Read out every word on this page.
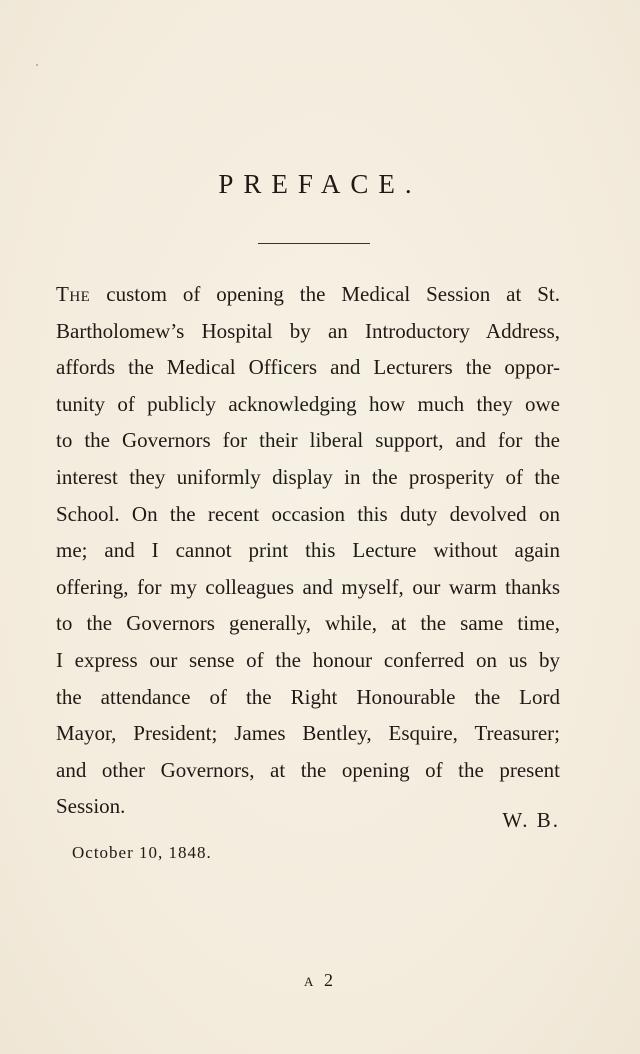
PREFACE.
The custom of opening the Medical Session at St.
Bartholomew’s Hospital by an Introductory Address,
affords the Medical Officers and Lecturers the oppor-
tunity of publicly acknowledging how much they owe
to the Governors for their liberal support, and for the
interest they uniformly display in the prosperity of the
School. On the recent occasion this duty devolved on
me; and I cannot print this Lecture without again
offering, for my colleagues and myself, our warm thanks
to the Governors generally, while, at the same time,
I express our sense of the honour conferred on us by
the attendance of the Right Honourable the Lord
Mayor, President; James Bentley, Esquire, Treasurer;
and other Governors, at the opening of the present
Session.
W. B.
October 10, 1848.
A 2
